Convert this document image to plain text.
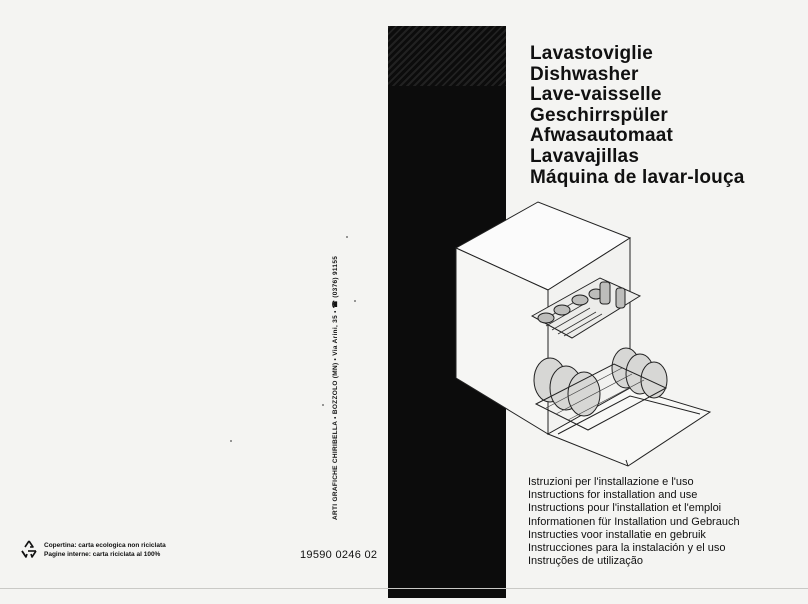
Lavastoviglie
Dishwasher
Lave-vaisselle
Geschirrspüler
Afwasautomaat
Lavavajillas
Máquina de lavar-louça
Istruzioni per l'installazione e l'uso
Instructions for installation and use
Instructions pour l'installation et l'emploi
Informationen für Installation und Gebrauch
Instructies voor installatie en gebruik
Instrucciones para la instalación y el uso
Instruções de utilização
ARTI GRAFICHE CHIRIBELLA • BOZZOLO (MN) • Via Arini, 35 • ☎ (0376) 91155
19590 0246 02
Copertina: carta ecologica non riciclata
Pagine interne: carta riciclata al 100%
